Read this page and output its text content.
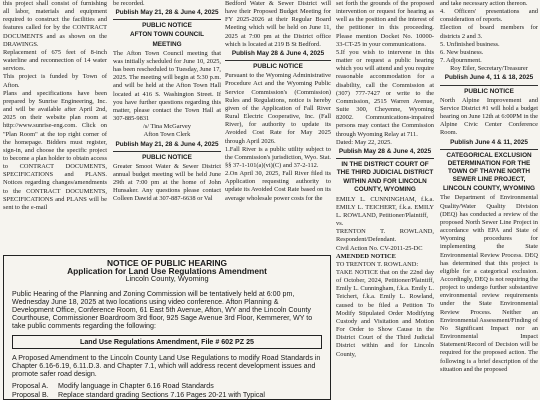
this project shall consist of furnishing all labor, materials and equipment required to construct the facilities and features called for by the CONTRACT DOCUMENTS and as shown on the DRAWINGS.

Replacement of 675 feet of 8-inch waterline and reconnection of 14 water services.

This project is funded by Town of Afton.

Plans and specifications have been prepared by Sunrise Engineering, Inc. and will be available after April 2nd, 2025 on their website plan room at http://www.sunrise-eng.com. Click on "Plan Room" at the top right corner of the homepage. Bidders must register, sign-in, and choose the specific project to become a plan holder to obtain access to CONTRACT DOCUMENTS, SPECIFICATIONS and PLANS. Notices regarding changes/amendments to the CONTRACT DOCUMENTS, SPECIFICATIONS and PLANS will be sent to the e-mail

be recorded.

Publish May 21, 28 & June 4, 2025

PUBLIC NOTICE

AFTON TOWN COUNCIL

MEETING

The Afton Town Council meeting that was initially scheduled for June 10, 2025, has been rescheduled to Tuesday, June 17, 2025. The meeting will begin at 5:30 p.m. and will be held at the Afton Town Hall located at 416 S. Washington Street. If you have further questions regarding this matter, please contact the Town Hall at 307-885-9831

/s/ Tina McGarvey

Afton Town Clerk

Publish May 21, 28 & June 4, 2025

PUBLIC NOTICE

Greater Smoot Water & Sewer District annual budget meeting will be held June 29th at 7:00 pm at the home of John Hunsaker. Any questions please contact Colleen Dawid at 307-887-6638 or Val

Bedford Water & Sewer District will have their Proposed Budget Meeting for FY 2025-2026 at their Regular Board Meeting which will be held on June 11, 2025 at 7:00 pm at the District office which is located at 219 B St Bedford.

Publish May 28 & June 4, 2025

PUBLIC NOTICE

Pursuant to the Wyoming Administrative Procedure Act and the Wyoming Public Service Commission's (Commission) Rules and Regulations, notice is hereby given of the Application of Fall River Rural Electric Cooperative, Inc. (Fall River), for authority to update its Avoided Cost Rate for May 2025 through April 2026.

1.Fall River is a public utility subject to the Commission's jurisdiction, Wyo. Stat. §§ 37-1-101(a)(vi)(C) and 37-2-112.

2.On April 30, 2025, Fall River filed its Application requesting authority to update its Avoided Cost Rate based on its average wholesale power costs for the

set forth the grounds of the proposed intervention or request for hearing as well as the position and the interest of the petitioner in this proceeding. Please mention Docket No. 10000-33-CT-25 in your communications.

5.If you wish to intervene in this matter or request a public hearing which you will attend and you require reasonable accommodation for a disability, call the Commission at (307) 777-7427 or write to the Commission, 2515 Warren Avenue, Suite 300, Cheyenne, Wyoming 82002. Communications-impaired persons may contact the Commission through Wyoming Relay at 711.

Dated: May 22, 2025.

Publish May 28 & June 4, 2025

IN THE DISTRICT COURT OF THE THIRD JUDICIAL DISTRICT

WITHIN AND FOR LINCOLN COUNTY, WYOMING

EMILY L. CUNNINGHAM, f.k.a. EMILY L. TEICHERT, f.k.a. EMILY L. ROWLAND, Petitioner/Plaintiff,

vs.

TRENTON T. ROWLAND, Respondent/Defendant.

Civil Action No. CV-2011-25-DC

AMENDED NOTICE

TO TRENTON T. ROWLAND:

TAKE NOTICE that on the 22nd day of October, 2024, Petitioner/Plaintiff, Emily L. Cunningham, f.k.a. Emily L. Teichert, f.k.a. Emily L. Rowland, caused to be filed a Petition To Modify Stipulated Order Modifying Custody and Visitation and Motion For Order to Show Cause in the District Court of the Third Judicial District within and for Lincoln County,

and take necessary action thereon.

4. Officers' presentations and consideration of reports.

Election of board members for districts 2 and 3.

5. Unfinished business.

6. New business.

7. Adjournment.

Roy Eiler, Secretary/Treasurer

Publish June 4, 11 & 18, 2025

PUBLIC NOTICE

North Alpine Improvement and Service District #1 will hold a budget hearing on June 12th at 6:00PM in the Alpine Civic Center Conference Room.

Publish June 4 & 11, 2025

CATEGORICAL EXCLUSION DETERMINATION FOR THE TOWN OF THAYNE NORTH SEWER LINE PROJECT,

LINCOLN COUNTY, WYOMING

The Department of Environmental Quality/Water Quality Division (DEQ) has conducted a review of the proposed North Sewer Line Project in accordance with EPA and State of Wyoming procedures for implementing the State Environmental Review Process. DEQ has determined that this project is eligible for a categorical exclusion. Accordingly, DEQ is not requiring the project to undergo further substantive environmental review requirements under the State Environmental Review Process. Neither an Environmental Assessment/Finding of No Significant Impact nor an Environmental Impact Statement/Record of Decision will be required for the proposed action. The following is a brief description of the situation and the proposed

NOTICE OF PUBLIC HEARING

Application for Land Use Regulations Amendment

Lincoln County, Wyoming

Public Hearing of the Planning and Zoning Commission will be tentatively held at 6:00 pm, Wednesday June 18, 2025 at two locations using video conference. Afton Planning & Development Office, Conference Room, 61 East 5th Avenue, Afton, WY and the Lincoln County Courthouse, Commissioner Boardroom 3rd floor, 925 Sage Avenue 3rd Floor, Kemmerer, WY to take public comments regarding the following:

Land Use Regulations Amendment, File # 602 PZ 25

A Proposed Amendment to the Lincoln County Land Use Regulations to modify Road Standards in Chapter 6.16-6.19, 6.11.D.3. and Chapter 7.1, which will address recent development issues and promote safer road design.

Proposal A.	Modify language in Chapter 6.16 Road Standards
Proposal B.	Replace standard grading Sections 7.16 Pages 20-21 with Typical
